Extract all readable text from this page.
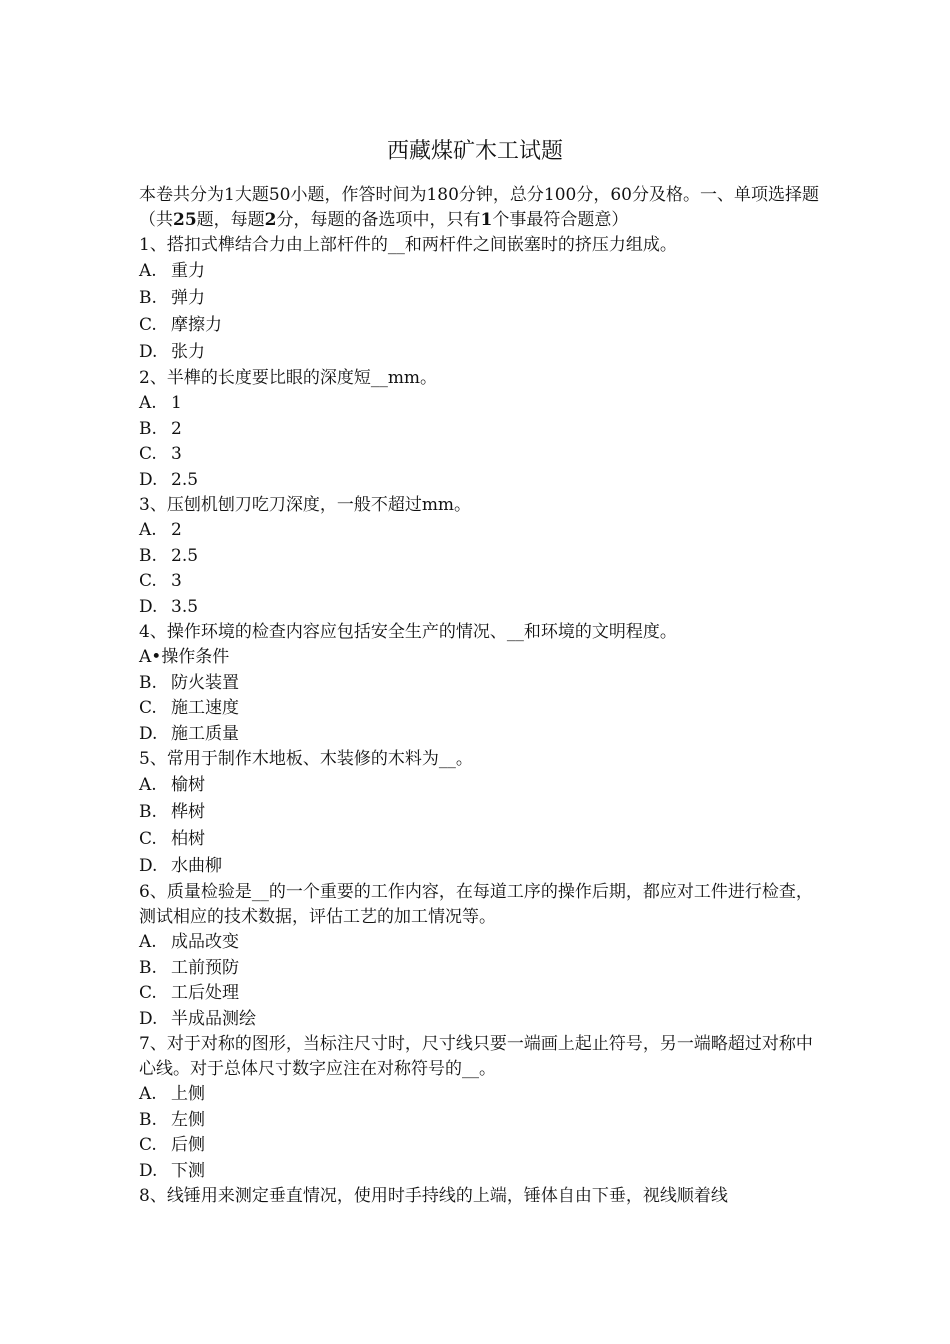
西藏煤矿木工试题

本卷共分为1大题50小题，作答时间为180分钟，总分100分，60分及格。一、单项选择题（共25题，每题2分，每题的备选项中，只有1个事最符合题意）

1、搭扣式榫结合力由上部杆件的__和两杆件之间嵌塞时的挤压力组成。

A. 重力
B. 弹力
C. 摩擦力
D. 张力

2、半榫的长度要比眼的深度短__mm。

A. 1
B. 2
C. 3
D. 2.5

3、压刨机刨刀吃刀深度，一般不超过mm。

A. 2
B. 2.5
C. 3
D. 3.5

4、操作环境的检查内容应包括安全生产的情况、__和环境的文明程度。

A•操作条件
B. 防火装置
C. 施工速度
D. 施工质量

5、常用于制作木地板、木装修的木料为__。

A. 榆树
B. 桦树
C. 柏树
D. 水曲柳

6、质量检验是__的一个重要的工作内容，在每道工序的操作后期，都应对工件进行检查，测试相应的技术数据，评估工艺的加工情况等。

A. 成品改变
B. 工前预防
C. 工后处理
D. 半成品测绘

7、对于对称的图形，当标注尺寸时，尺寸线只要一端画上起止符号，另一端略超过对称中心线。对于总体尺寸数字应注在对称符号的__。

A. 上侧
B. 左侧
C. 后侧
D. 下测

8、线锤用来测定垂直情况，使用时手持线的上端，锤体自由下垂，视线顺着线
